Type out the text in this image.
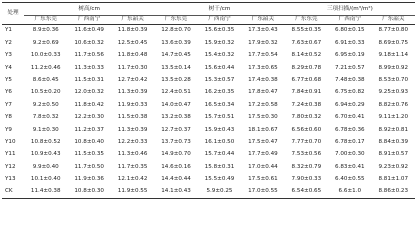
处理	树高/cm			树干/cm			三项扫描/(m³/m²)		
	广东东莞	广西南宁	广东韶关	广东东莞	广西南宁	广东韶关	广东东莞	广西南宁	广东韶关
Y1	8.9±0.36	11.6±0.49	11.8±0.39	12.8±0.70	15.6±0.35	17.3±0.43	8.55±0.35	6.80±0.15	8.77±0.80
Y2	9.2±0.69	10.6±0.32	12.5±0.45	13.6±0.39	15.9±0.32	17.9±0.32	7.63±0.67	6.91±0.33	8.69±0.75
Y3	10.0±0.33	11.7±0.56	11.8±0.48	14.7±0.45	15.4±0.32	17.7±0.54	8.14±0.52	6.95±0.19	9.18±1.14
Y4	11.2±0.46	11.3±0.33	11.7±0.30	13.5±0.14	15.6±0.44	17.3±0.65	8.29±0.78	7.21±0.57	8.99±0.92
Y5	8.6±0.45	11.5±0.31	12.7±0.42	13.5±0.28	15.3±0.57	17.4±0.38	6.77±0.68	7.48±0.38	8.53±0.70
Y6	10.5±0.20	12.0±0.32	11.3±0.39	12.4±0.51	16.2±0.35	17.8±0.47	7.84±0.91	6.75±0.82	9.25±0.93
Y7	9.2±0.50	11.8±0.42	11.9±0.33	14.0±0.47	16.5±0.34	17.2±0.58	7.24±0.38	6.94±0.29	8.82±0.76
Y8	7.8±0.32	12.2±0.30	11.5±0.38	13.2±0.38	15.7±0.51	17.5±0.30	7.80±0.32	6.70±0.41	9.11±1.20
Y9	9.1±0.30	11.2±0.37	11.3±0.39	12.7±0.37	15.9±0.43	18.1±0.67	6.56±0.60	6.78±0.36	8.92±0.81
Y10	10.8±0.52	10.8±0.40	12.2±0.33	13.7±0.73	16.1±0.50	17.5±0.47	7.77±0.70	6.78±0.17	8.84±0.39
Y11	10.9±0.43	11.5±0.35	11.3±0.46	14.9±0.70	15.7±0.44	17.7±0.49	7.53±0.56	7.00±0.30	8.91±0.57
Y12	9.9±0.40	11.7±0.50	11.7±0.35	14.6±0.16	15.8±0.31	17.0±0.44	8.32±0.79	6.83±0.41	9.23±0.92
Y13	10.1±0.40	11.9±0.36	12.1±0.42	14.4±0.44	15.5±0.49	17.5±0.61	7.90±0.33	6.40±0.55	8.81±1.07
CK	11.4±0.38	10.8±0.30	11.9±0.55	14.1±0.43	5.9±0.25	17.0±0.55	6.54±0.65	6.6±1.0	8.86±0.23
